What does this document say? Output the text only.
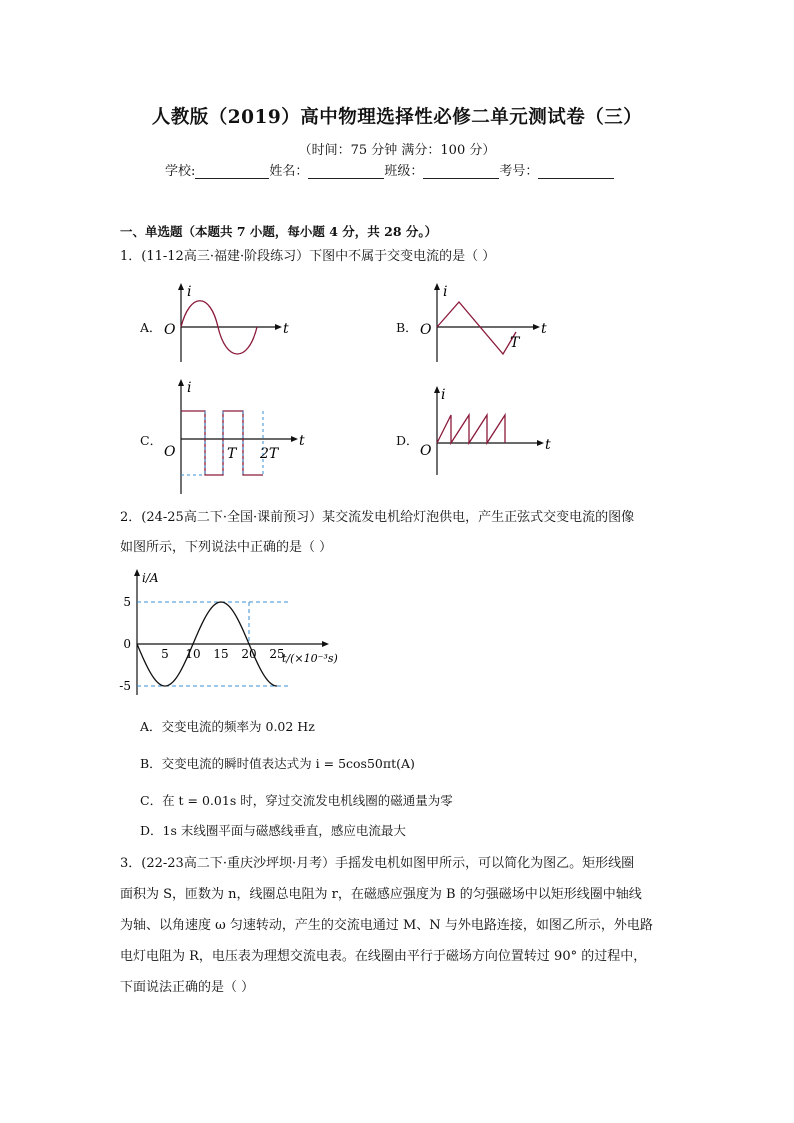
人教版（2019）高中物理选择性必修二单元测试卷（三）
（时间：75 分钟 满分：100 分）
学校:	姓名：	班级：	考号：
一、单选题（本题共 7 小题，每小题 4 分，共 28 分。）
1．(11-12高三·福建·阶段练习）下图中不属于交变电流的是（ ）
A．
i
t
O	B．
i
t
O
T
C．
i
t
O	T 2T
D．
i
t
O
2．(24-25高二下·全国·课前预习）某交流发电机给灯泡供电，产生正弦式交变电流的图像
如图所示，下列说法中正确的是（ ）
i/A
t/(×10⁻³s)
5 10 15 20 25
5
0
-5
A．交变电流的频率为 0.02 Hz
B．交变电流的瞬时值表达式为 i = 5cos50πt(A)
C．在 t = 0.01s 时，穿过交流发电机线圈的磁通量为零
D．1s 末线圈平面与磁感线垂直，感应电流最大
3．(22-23高二下·重庆沙坪坝·月考）手摇发电机如图甲所示，可以简化为图乙。矩形线圈
面积为 S，匝数为 n，线圈总电阻为 r，在磁感应强度为 B 的匀强磁场中以矩形线圈中轴线
为轴、以角速度 ω 匀速转动，产生的交流电通过 M、N 与外电路连接，如图乙所示，外电路
电灯电阻为 R，电压表为理想交流电表。在线圈由平行于磁场方向位置转过 90° 的过程中，
下面说法正确的是（ ）
